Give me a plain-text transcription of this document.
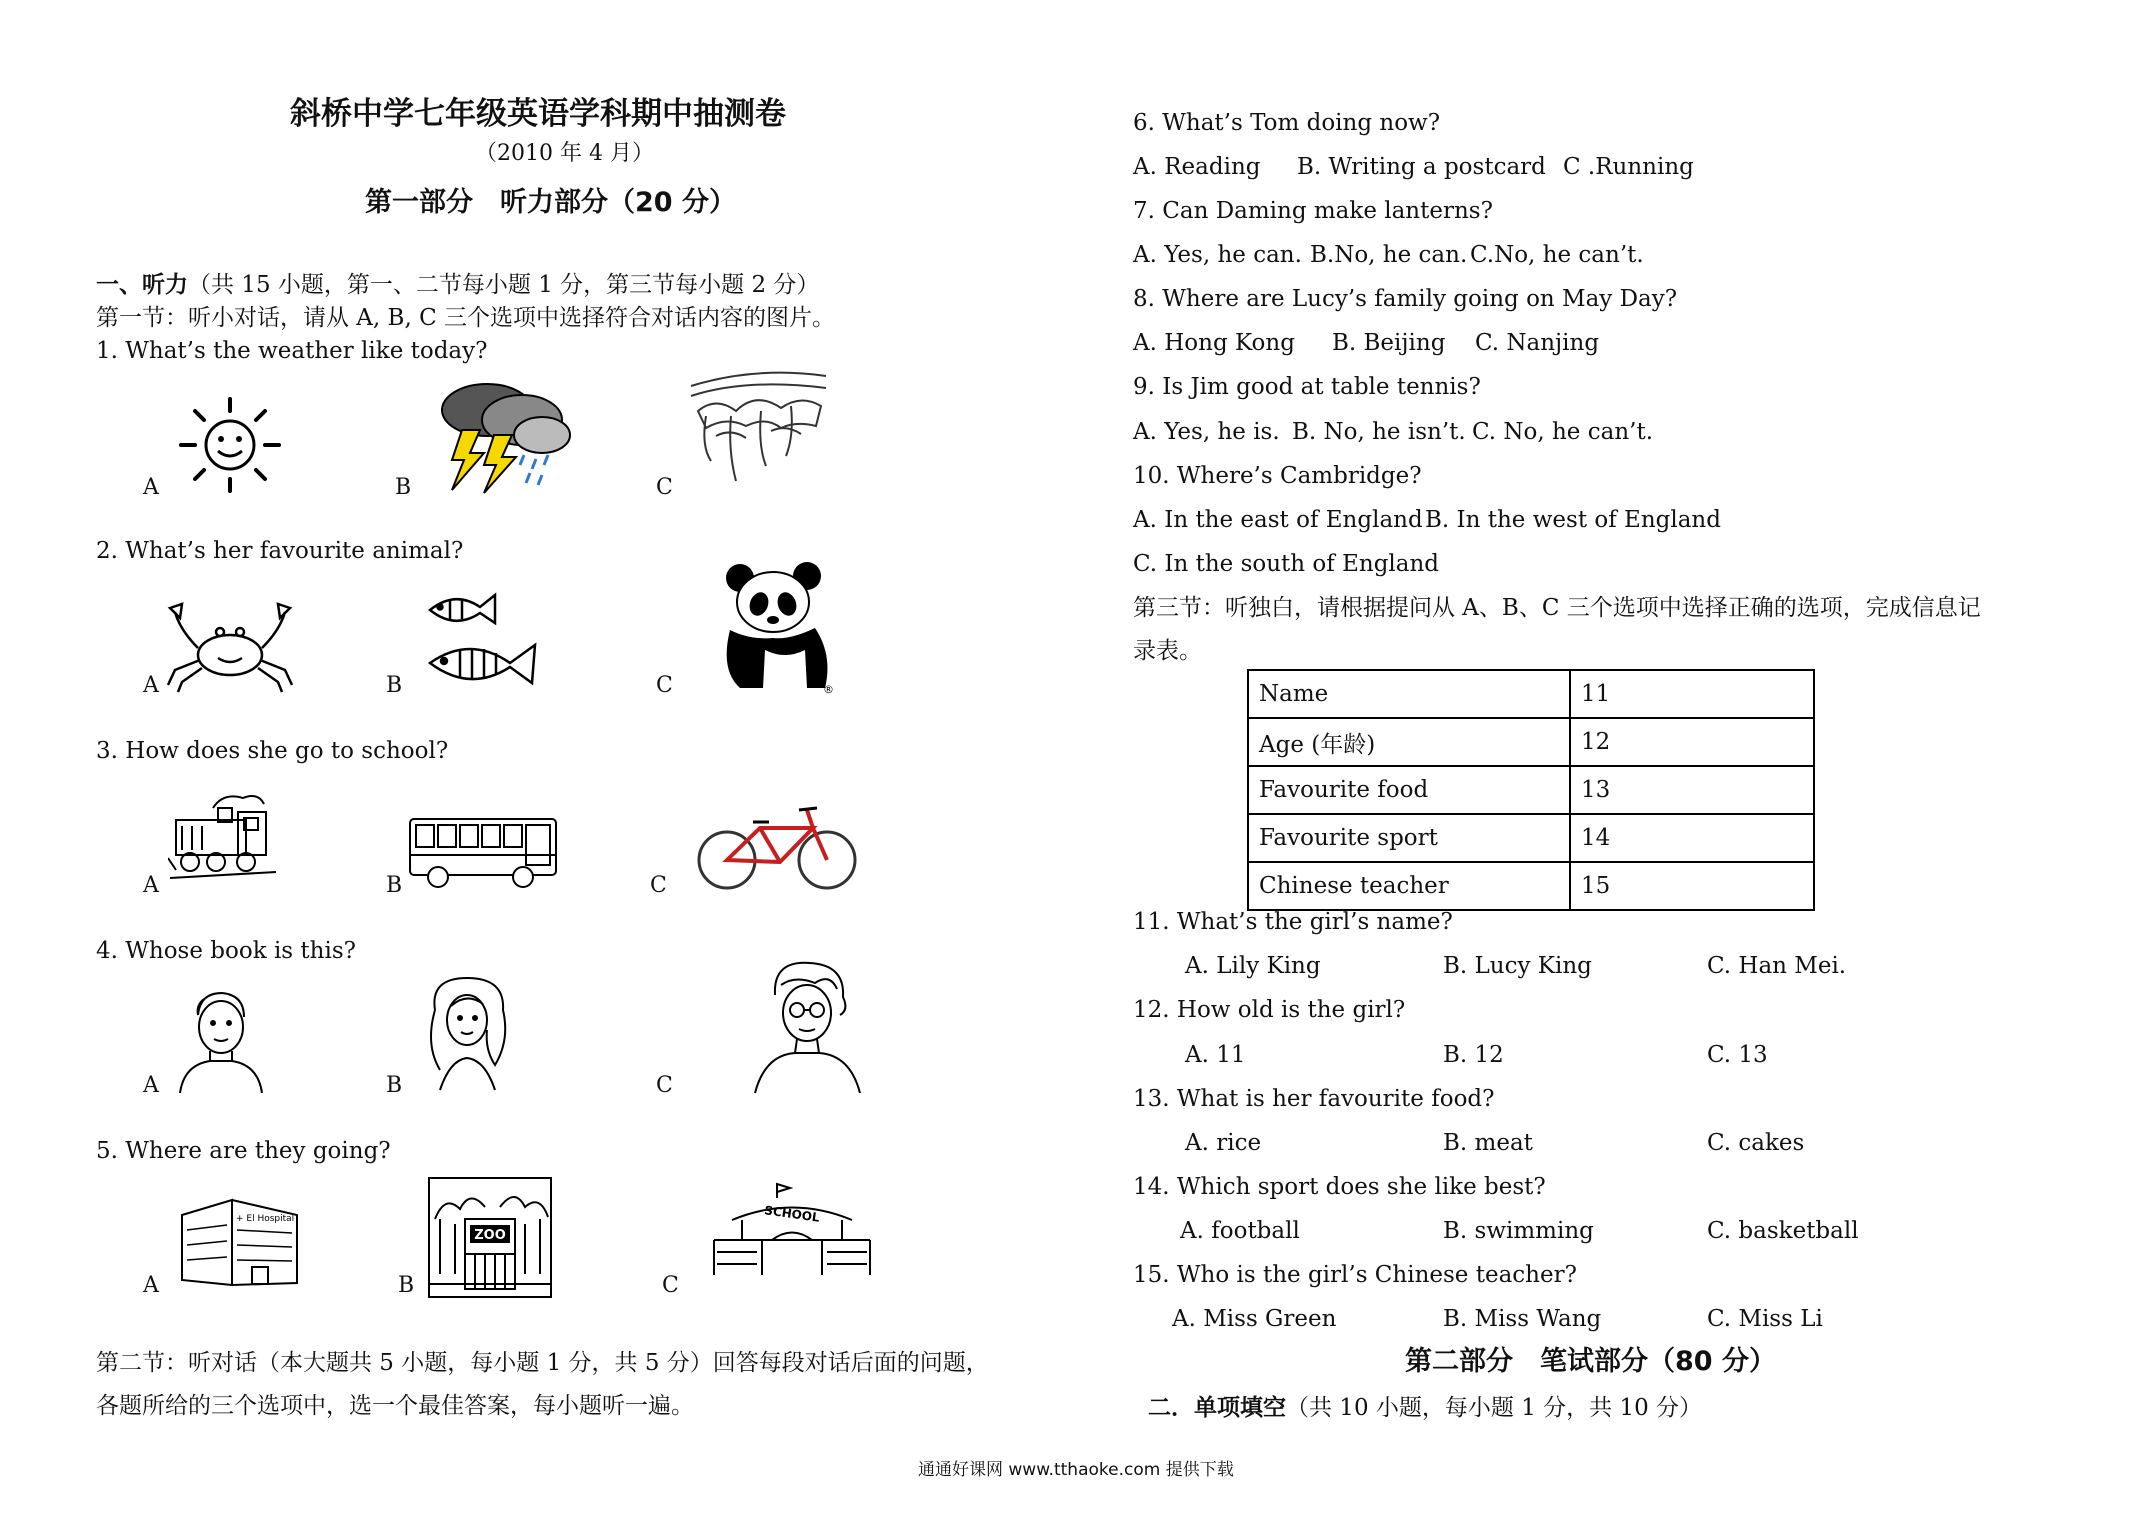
斜桥中学七年级英语学科期中抽测卷
（2010 年 4 月）
第一部分　听力部分（20 分）
一、听力（共 15 小题，第一、二节每小题 1 分，第三节每小题 2 分）
第一节：听小对话，请从 A, B, C 三个选项中选择符合对话内容的图片。
1. What’s the weather like today?
A	B	C
2. What’s her favourite animal?
A	B	C	®
3. How does she go to school?
A	B	C
4. Whose book is this?
A	B	C
5. Where are they going?
A	B	C
+ El Hospital
ZOO
SCHOOL
第二节：听对话（本大题共 5 小题，每小题 1 分，共 5 分）回答每段对话后面的问题，
各题所给的三个选项中，选一个最佳答案，每小题听一遍。
6. What’s Tom doing now?
A. Reading B. Writing a postcard C .Running
7. Can Daming make lanterns?
A. Yes, he can. B.No, he can. C.No, he can’t.
8. Where are Lucy’s family going on May Day?
A. Hong Kong B. Beijing C. Nanjing
9. Is Jim good at table tennis?
A. Yes, he is. B. No, he isn’t. C. No, he can’t.
10. Where’s Cambridge?
A. In the east of England B. In the west of England
C. In the south of England
第三节：听独白，请根据提问从 A、B、C 三个选项中选择正确的选项，完成信息记
录表。
Name	11
Age (年龄)	12
Favourite food	13
Favourite sport	14
Chinese teacher	15
11. What’s the girl’s name?
A. Lily King	B. Lucy King	C. Han Mei.
12. How old is the girl?
A. 11	B. 12	C. 13
13. What is her favourite food?
A. rice	B. meat	C. cakes
14. Which sport does she like best?
A. football	B. swimming	C. basketball
15. Who is the girl’s Chinese teacher?
A. Miss Green	B. Miss Wang	C. Miss Li
第二部分　笔试部分（80 分）
二．单项填空（共 10 小题，每小题 1 分，共 10 分）
通通好课网 www.tthaoke.com 提供下载
